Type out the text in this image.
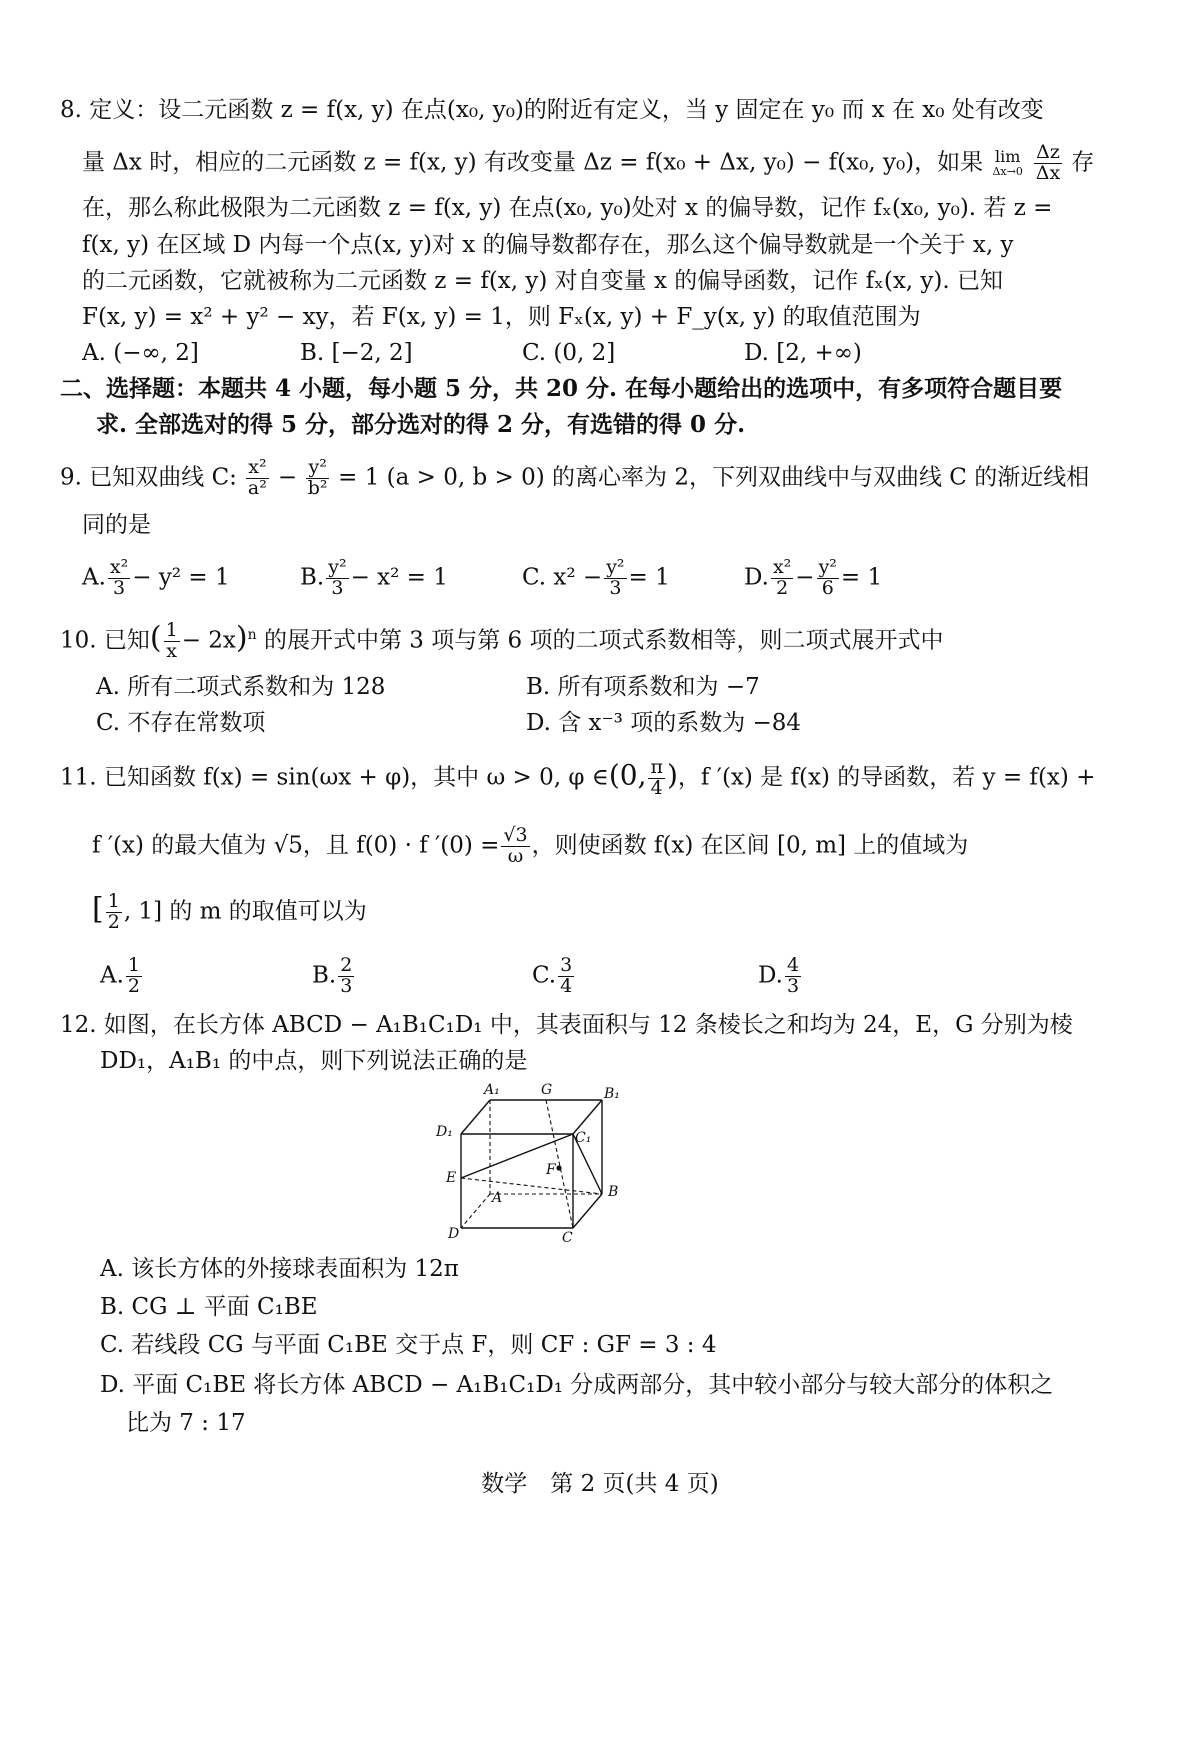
8. 定义：设二元函数 z = f(x, y) 在点(x₀, y₀)的附近有定义，当 y 固定在 y₀ 而 x 在 x₀ 处有改变
量 Δx 时，相应的二元函数 z = f(x, y) 有改变量 Δz = f(x₀ + Δx, y₀) − f(x₀, y₀)，如果 lim
Δx→0
$\frac{\Delta z}{\Delta x}$ 存
在，那么称此极限为二元函数 z = f(x, y) 在点(x₀, y₀)处对 x 的偏导数，记作 fₓ(x₀, y₀). 若 z =
f(x, y) 在区域 D 内每一个点(x, y)对 x 的偏导数都存在，那么这个偏导数就是一个关于 x, y
的二元函数，它就被称为二元函数 z = f(x, y) 对自变量 x 的偏导函数，记作 fₓ(x, y). 已知
F(x, y) = x² + y² − xy，若 F(x, y) = 1，则 Fₓ(x, y) + F_y(x, y) 的取值范围为
A. (−∞, 2]	B. [−2, 2]	C. (0, 2]	D. [2, +∞)
二、选择题：本题共 4 小题，每小题 5 分，共 20 分. 在每小题给出的选项中，有多项符合题目要
求. 全部选对的得 5 分，部分选对的得 2 分，有选错的得 0 分.
9. 已知双曲线 C: $\frac{\text{x²}}{\text{a²}} - \frac{\text{y²}}{\text{b²}} = 1$ (a > 0, b > 0) 的离心率为 2，下列双曲线中与双曲线 C 的渐近线相
同的是
A. $\frac{\text{x²}}{3} - y^2 = 1$	B. $\frac{\text{y²}}{3} - x^2 = 1$	C. $x^2 - \frac{\text{y²}}{3} = 1$	D. $\frac{\text{x²}}{2} - \frac{\text{y²}}{6} = 1$
10. 已知( $\frac{1}{x} - 2x)^n$ 的展开式中第 3 项与第 6 项的二项式系数相等，则二项式展开式中
A. 所有二项式系数和为 128	B. 所有项系数和为 −7
C. 不存在常数项	D. 含 x⁻³ 项的系数为 −84
11. 已知函数 f(x) = sin(ωx + φ)，其中 ω > 0, φ ∈(0, $\frac{\pi}{4}$ )，f ′(x) 是 f(x) 的导函数，若 y = f(x) +
f ′(x) 的最大值为 √5，且 f(0) · f $'(0) = \frac{√3}{\omega}$ ，则使函数 f(x) 在区间 [0, m] 上的值域为
[ $\frac{1}{2}$ , 1] 的 m 的取值可以为
A. $\frac{1}{2}$	B. $\frac{2}{3}$	C. $\frac{3}{4}$	D. $\frac{4}{3}$
12. 如图，在长方体 ABCD − A₁B₁C₁D₁ 中，其表面积与 12 条棱长之和均为 24，E，G 分别为棱
DD₁，A₁B₁ 的中点，则下列说法正确的是
A₁	G	B₁
D₁	C₁
E	F
A	B
D	C
A. 该长方体的外接球表面积为 12π
B. CG ⊥ 平面 C₁BE
C. 若线段 CG 与平面 C₁BE 交于点 F，则 CF : GF = 3 : 4
D. 平面 C₁BE 将长方体 ABCD − A₁B₁C₁D₁ 分成两部分，其中较小部分与较大部分的体积之
比为 7 : 17
数学　第 2 页(共 4 页)
